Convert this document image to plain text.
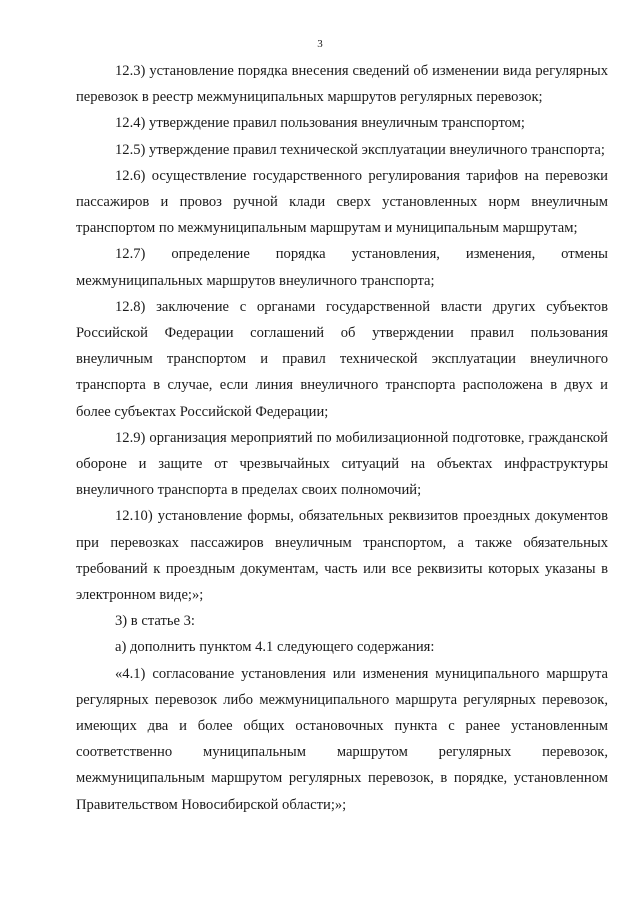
3

12.3) установление порядка внесения сведений об изменении вида регулярных перевозок в реестр межмуниципальных маршрутов регулярных перевозок;

12.4) утверждение правил пользования внеуличным транспортом;

12.5) утверждение правил технической эксплуатации внеуличного транспорта;

12.6) осуществление государственного регулирования тарифов на перевозки пассажиров и провоз ручной клади сверх установленных норм внеуличным транспортом по межмуниципальным маршрутам и муниципальным маршрутам;

12.7) определение порядка установления, изменения, отмены межмуниципальных маршрутов внеуличного транспорта;

12.8) заключение с органами государственной власти других субъектов Российской Федерации соглашений об утверждении правил пользования внеуличным транспортом и правил технической эксплуатации внеуличного транспорта в случае, если линия внеуличного транспорта расположена в двух и более субъектах Российской Федерации;

12.9) организация мероприятий по мобилизационной подготовке, гражданской обороне и защите от чрезвычайных ситуаций на объектах инфраструктуры внеуличного транспорта в пределах своих полномочий;

12.10) установление формы, обязательных реквизитов проездных документов при перевозках пассажиров внеуличным транспортом, а также обязательных требований к проездным документам, часть или все реквизиты которых указаны в электронном виде;»;

3) в статье 3:

а) дополнить пунктом 4.1 следующего содержания:

«4.1) согласование установления или изменения муниципального маршрута регулярных перевозок либо межмуниципального маршрута регулярных перевозок, имеющих два и более общих остановочных пункта с ранее установленным соответственно муниципальным маршрутом регулярных перевозок, межмуниципальным маршрутом регулярных перевозок, в порядке, установленном Правительством Новосибирской области;»;
